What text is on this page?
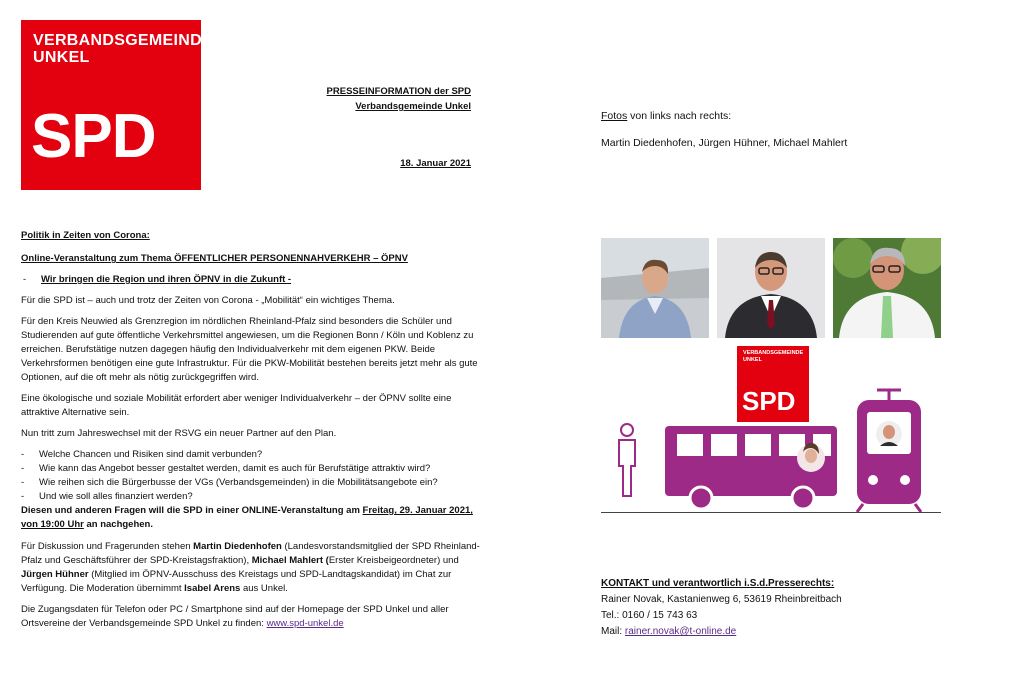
VERBANDSGEMEINDE
UNKEL
SPD
PRESSEINFORMATION der SPD
Verbandsgemeinde Unkel
18. Januar 2021
Fotos von links nach rechts:
Martin Diedenhofen, Jürgen Hühner, Michael Mahlert
Politik in Zeiten von Corona:
Online-Veranstaltung zum Thema ÖFFENTLICHER PERSONENNAHVERKEHR – ÖPNV
- Wir bringen die Region und ihren ÖPNV in die Zukunft -

Für die SPD ist – auch und trotz der Zeiten von Corona - „Mobilität“ ein wichtiges Thema.

Für den Kreis Neuwied als Grenzregion im nördlichen Rheinland-Pfalz sind besonders die Schüler und Studierenden auf gute öffentliche Verkehrsmittel angewiesen, um die Regionen Bonn / Köln und Koblenz zu erreichen. Berufstätige nutzen dagegen häufig den Individualverkehr mit dem eigenen PKW. Beide Verkehrsformen benötigen eine gute Infrastruktur. Für die PKW-Mobilität bestehen bereits jetzt mehr als gute Optionen, auf die oft mehr als nötig zurückgegriffen wird.

Eine ökologische und soziale Mobilität erfordert aber weniger Individualverkehr – der ÖPNV sollte eine attraktive Alternative sein.

Nun tritt zum Jahreswechsel mit der RSVG ein neuer Partner auf den Plan.

- Welche Chancen und Risiken sind damit verbunden?
- Wie kann das Angebot besser gestaltet werden, damit es auch für Berufstätige attraktiv wird?
- Wie reihen sich die Bürgerbusse der VGs (Verbandsgemeinden) in die Mobilitätsangebote ein?
- Und wie soll alles finanziert werden?

Diesen und anderen Fragen will die SPD in einer ONLINE-Veranstaltung am Freitag, 29. Januar 2021, von 19:00 Uhr an nachgehen.

Für Diskussion und Fragerunden stehen Martin Diedenhofen (Landesvorstandsmitglied der SPD Rheinland-Pfalz und Geschäftsführer der SPD-Kreistagsfraktion), Michael Mahlert (Erster Kreisbeigeordneter) und Jürgen Hühner (Mitglied im ÖPNV-Ausschuss des Kreistags und SPD-Landtagskandidat) im Chat zur Verfügung. Die Moderation übernimmt Isabel Arens aus Unkel.

Die Zugangsdaten für Telefon oder PC / Smartphone sind auf der Homepage der SPD Unkel und aller Ortsvereine der Verbandsgemeinde SPD Unkel zu finden: www.spd-unkel.de

VERBANDSGEMEINDE
UNKEL
SPD
KONTAKT und verantwortlich i.S.d.Presserechts:
Rainer Novak, Kastanienweg 6, 53619 Rheinbreitbach
Tel.: 0160 / 15 743 63
Mail: rainer.novak@t-online.de
